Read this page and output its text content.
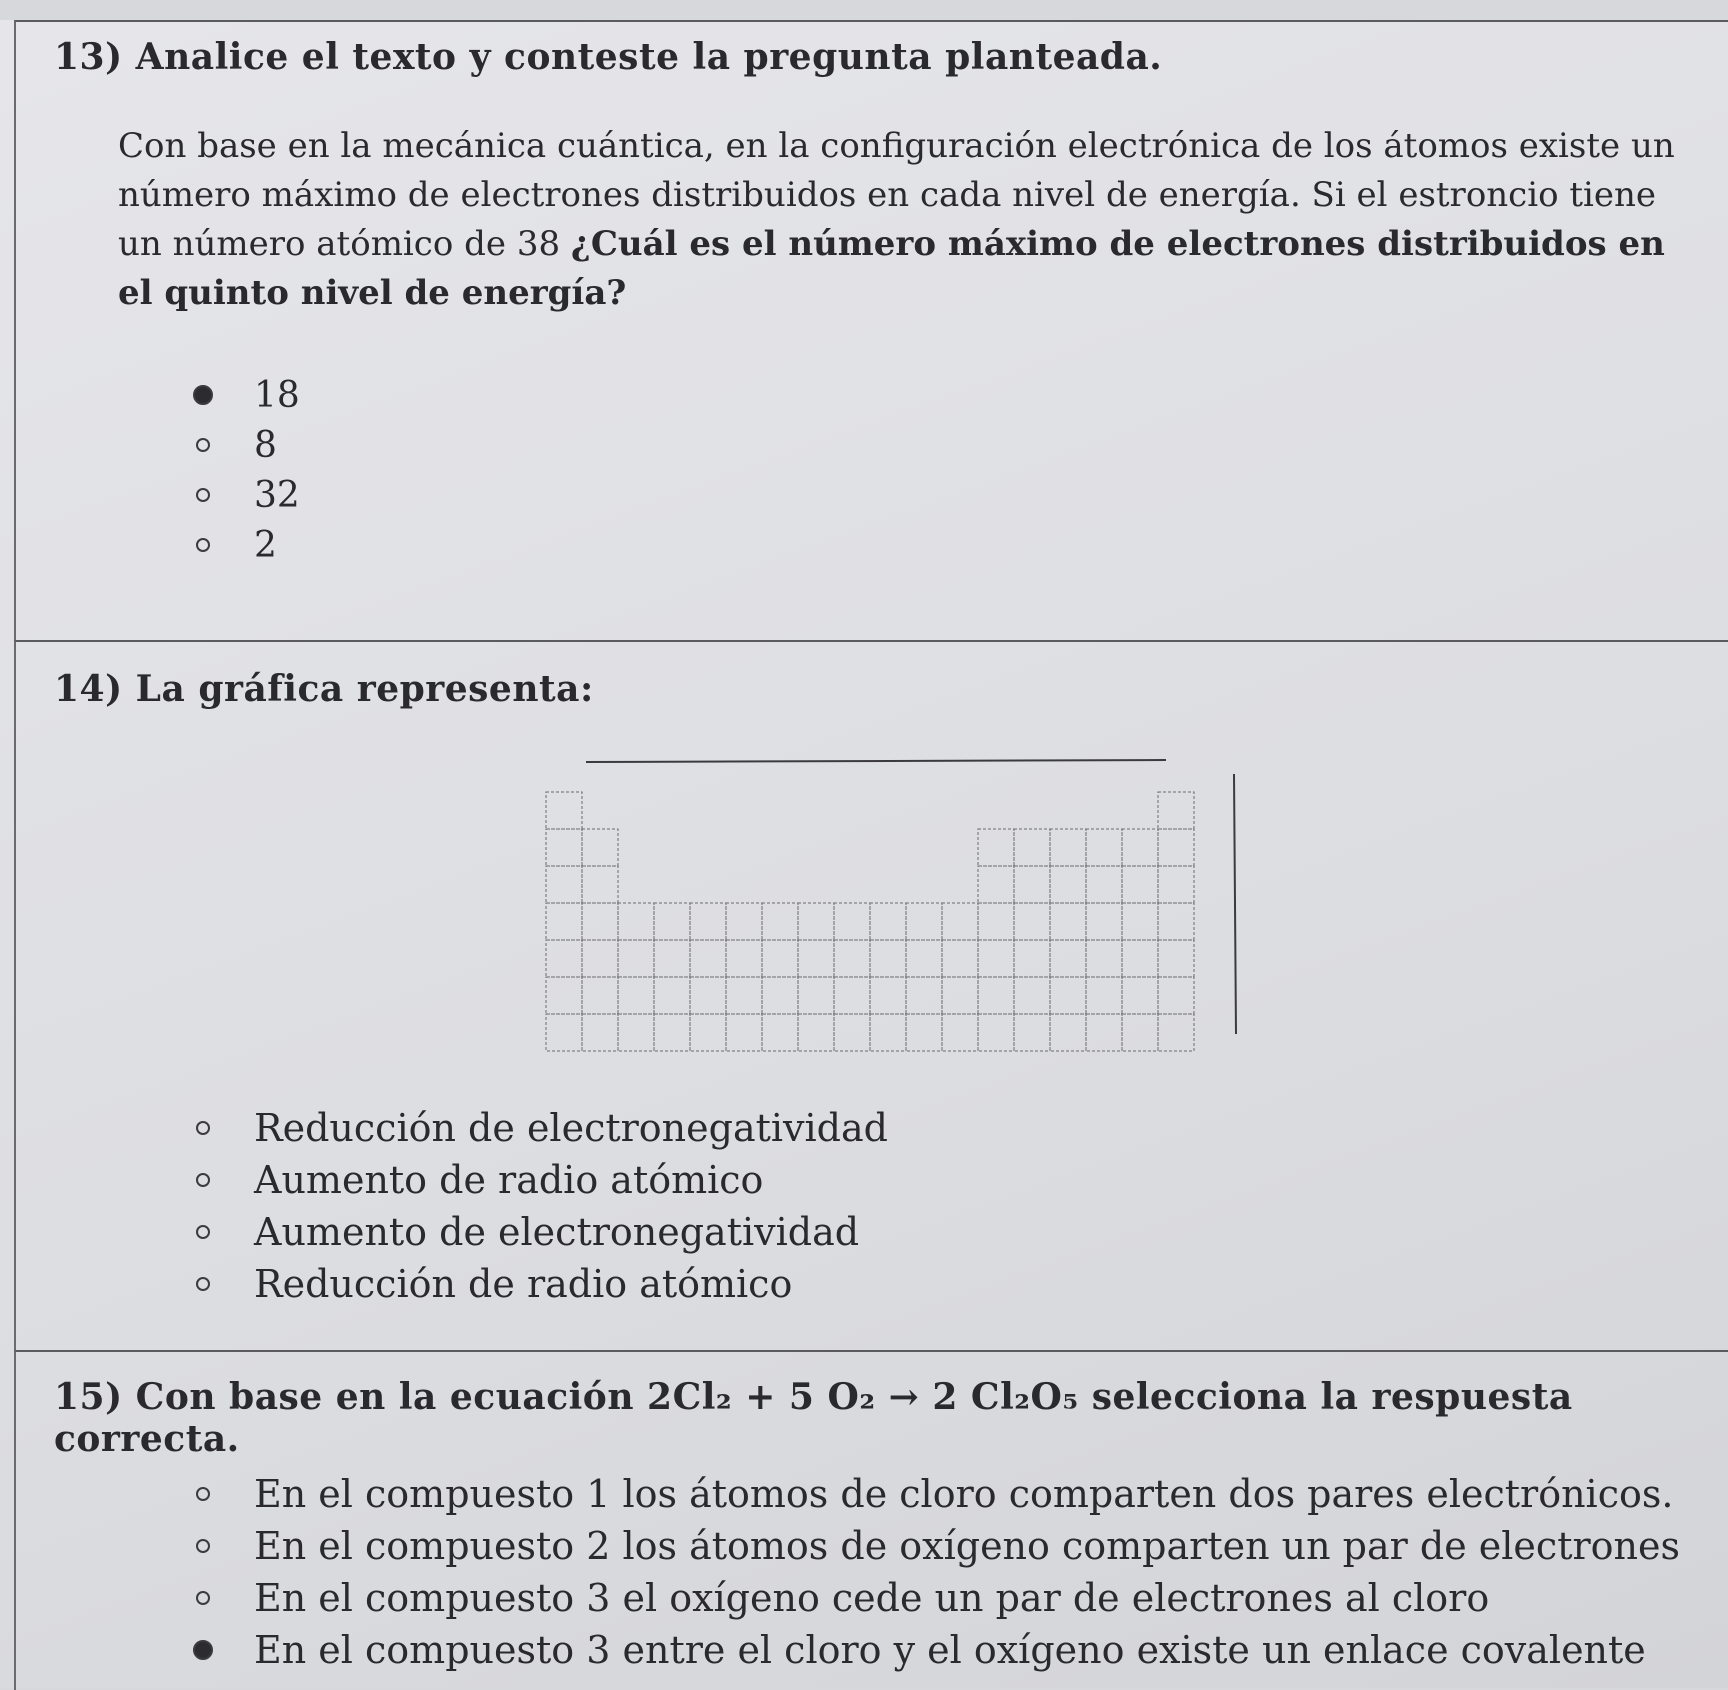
13) Analice el texto y conteste la pregunta planteada.
Con base en la mecánica cuántica, en la configuración electrónica de los átomos existe un número máximo de electrones distribuidos en cada nivel de energía. Si el estroncio tiene un número atómico de 38 ¿Cuál es el número máximo de electrones distribuidos en el quinto nivel de energía?
18
8
32
2
14) La gráfica representa:
Reducción de electronegatividad
Aumento de radio atómico
Aumento de electronegatividad
Reducción de radio atómico
15) Con base en la ecuación 2Cl₂ + 5 O₂ → 2 Cl₂O₅ selecciona la respuesta correcta.
En el compuesto 1 los átomos de cloro comparten dos pares electrónicos.
En el compuesto 2 los átomos de oxígeno comparten un par de electrones
En el compuesto 3 el oxígeno cede un par de electrones al cloro
En el compuesto 3 entre el cloro y el oxígeno existe un enlace covalente
